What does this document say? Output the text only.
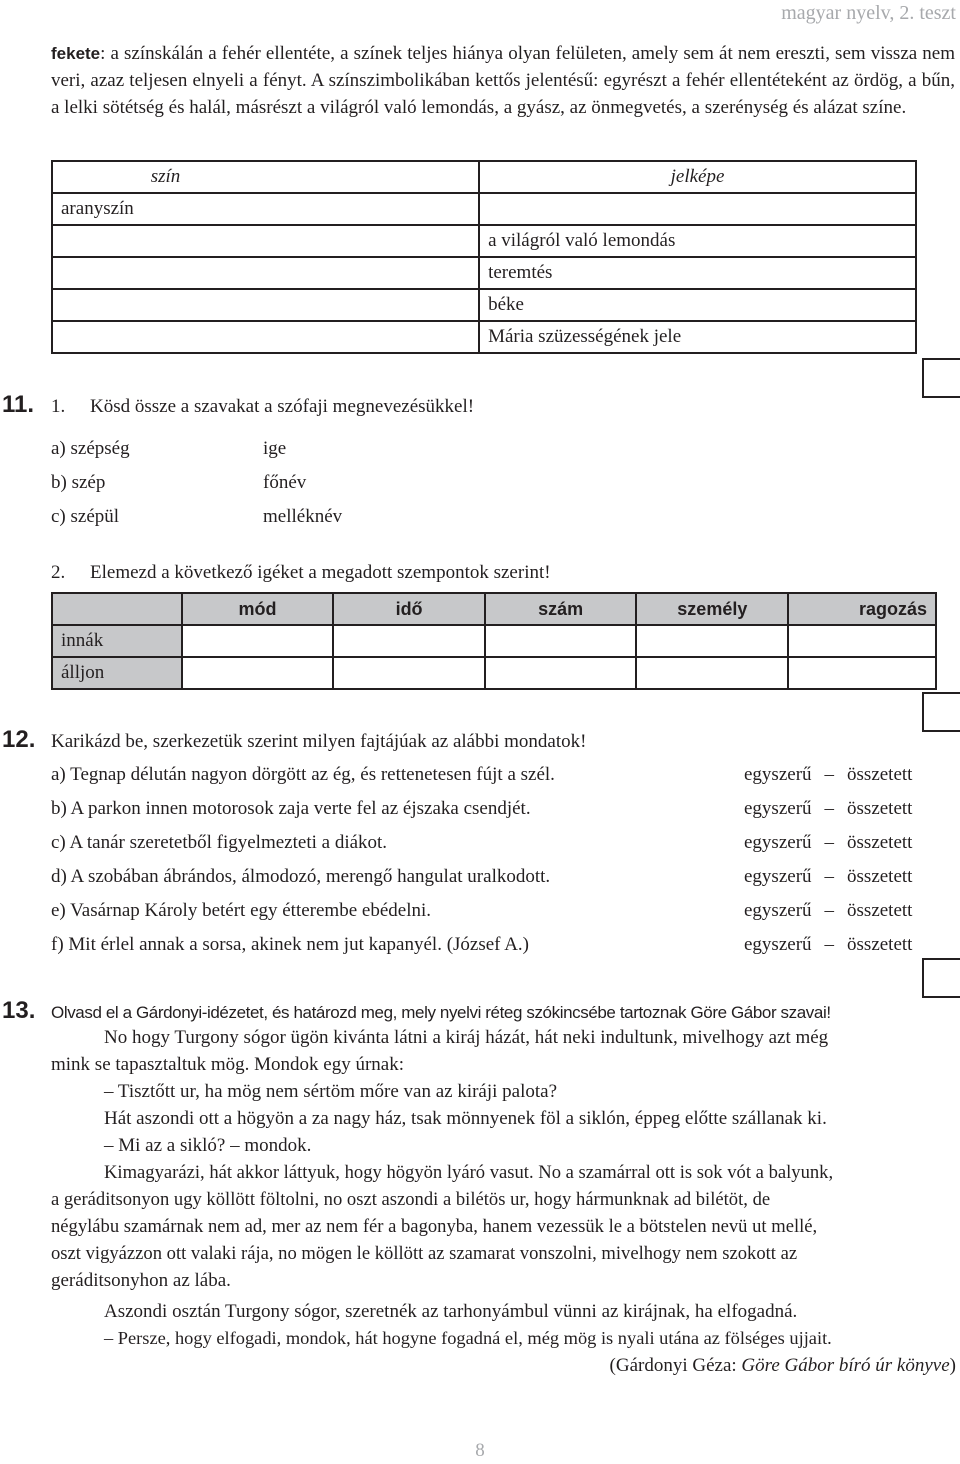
magyar nyelv, 2. teszt
fekete: a színskálán a fehér ellentéte, a színek teljes hiánya olyan felületen, amely sem át nem ereszti, sem vissza nem veri, azaz teljesen elnyeli a fényt. A színszimbolikában kettős jelentésű: egyrészt a fehér ellentéteként az ördög, a bűn, a lelki sötétség és halál, másrészt a világról való lemondás, a gyász, az önmegvetés, a szerénység és alázat színe.
szín	jelképe
aranyszín	
	a világról való lemondás
	teremtés
	béke
	Mária szüzességének jele
11. 1. Kösd össze a szavakat a szófaji megnevezésükkel!
a) szépség
b) szép
c) szépül
ige
főnév
melléknév
2. Elemezd a következő igéket a megadott szempontok szerint!
	mód	idő	szám	személy	ragozás
innák					
álljon					
12. Karikázd be, szerkezetük szerint milyen fajtájúak az alábbi mondatok!
a) Tegnap délután nagyon dörgött az ég, és rettenetesen fújt a szél.
b) A parkon innen motorosok zaja verte fel az éjszaka csendjét.
c) A tanár szeretetből figyelmezteti a diákot.
d) A szobában ábrándos, álmodozó, merengő hangulat uralkodott.
e) Vasárnap Károly betért egy étterembe ebédelni.
f) Mit érlel annak a sorsa, akinek nem jut kapanyél. (József A.)
egyszerű – összetett
egyszerű – összetett
egyszerű – összetett
egyszerű – összetett
egyszerű – összetett
egyszerű – összetett
13. Olvasd el a Gárdonyi-idézetet, és határozd meg, mely nyelvi réteg szókincsébe tartoznak Göre Gábor szavai!
No hogy Turgony sógor ügön kivánta látni a kiráj házát, hát neki indultunk, mivelhogy azt még
mink se tapasztaltuk mög. Mondok egy úrnak:
– Tisztőtt ur, ha mög nem sértöm mőre van az kiráji palota?
Hát aszondi ott a högyön a za nagy ház, tsak mönnyenek föl a siklón, éppeg előtte szállanak ki.
– Mi az a sikló? – mondok.
Kimagyarázi, hát akkor láttyuk, hogy högyön lyáró vasut. No a szamárral ott is sok vót a balyunk,
a geráditsonyon ugy köllött föltolni, no oszt aszondi a bilétös ur, hogy hármunknak ad bilétöt, de
négylábu szamárnak nem ad, mer az nem fér a bagonyba, hanem vezessük le a bötstelen nevü ut mellé,
oszt vigyázzon ott valaki rája, no mögen le köllött az szamarat vonszolni, mivelhogy nem szokott az
geráditsonyhon az lába.
Aszondi osztán Turgony sógor, szeretnék az tarhonyámbul vünni az kirájnak, ha elfogadná.
– Persze, hogy elfogadi, mondok, hát hogyne fogadná el, még mög is nyali utána az fölséges ujjait.
(Gárdonyi Géza: Göre Gábor bíró úr könyve)
8
